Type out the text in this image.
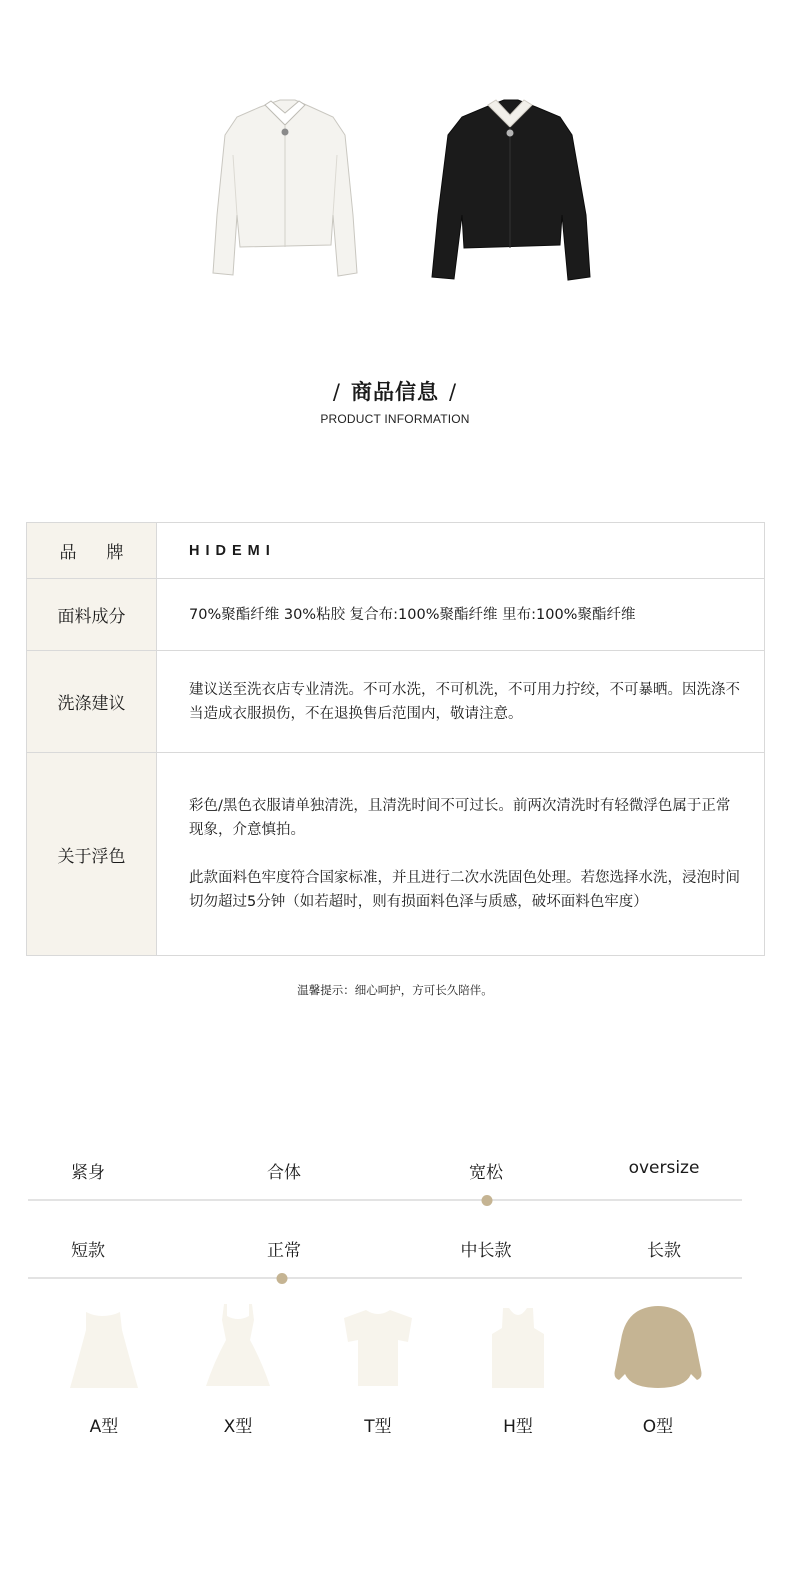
/ 商品信息 /
PRODUCT INFORMATION
品牌	HIDEMI
面料成分	70%聚酯纤维 30%粘胶 复合布:100%聚酯纤维 里布:100%聚酯纤维
洗涤建议	建议送至洗衣店专业清洗。不可水洗，不可机洗，不可用力拧绞，不可暴晒。因洗涤不当造成衣服损伤，不在退换售后范围内，敬请注意。
关于浮色	彩色/黑色衣服请单独清洗，且清洗时间不可过长。前两次清洗时有轻微浮色属于正常现象，介意慎拍。
此款面料色牢度符合国家标准，并且进行二次水洗固色处理。若您选择水洗，浸泡时间切勿超过5分钟（如若超时，则有损面料色泽与质感，破坏面料色牢度）
温馨提示：细心呵护，方可长久陪伴。
紧身	合体	宽松	oversize
短款	正常	中长款	长款
A型	X型	T型	H型	O型
